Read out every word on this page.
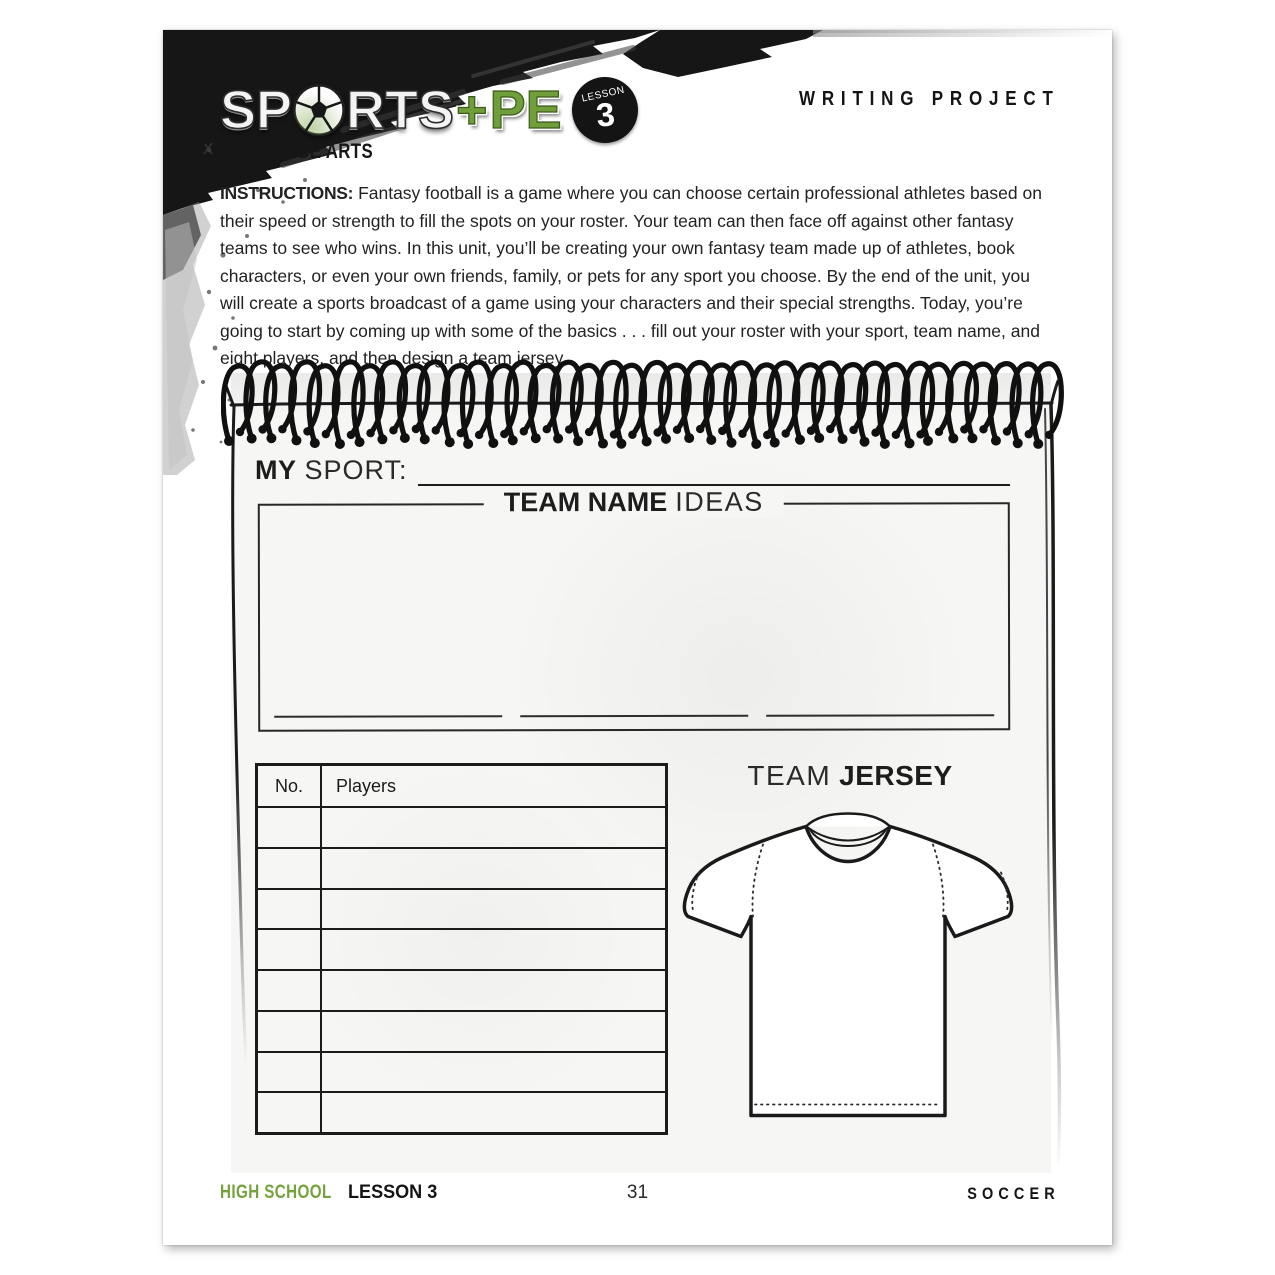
SP RTS + PE LESSON
3
LANGUAGE ARTS
WRITING PROJECT
INSTRUCTIONS: Fantasy football is a game where you can choose certain professional athletes based on their speed or strength to fill the spots on your roster. Your team can then face off against other fantasy teams to see who wins. In this unit, you’ll be creating your own fantasy team made up of athletes, book characters, or even your own friends, family, or pets for any sport you choose. By the end of the unit, you will create a sports broadcast of a game using your characters and their special strengths. Today, you’re going to start by coming up with some of the basics . . . fill out your roster with your sport, team name, and eight players, and then design a team jersey.
MY SPORT:
TEAM NAME IDEAS
No.	Players	TEAM JERSEY
HIGH SCHOOL LESSON 3	31	SOCCER
